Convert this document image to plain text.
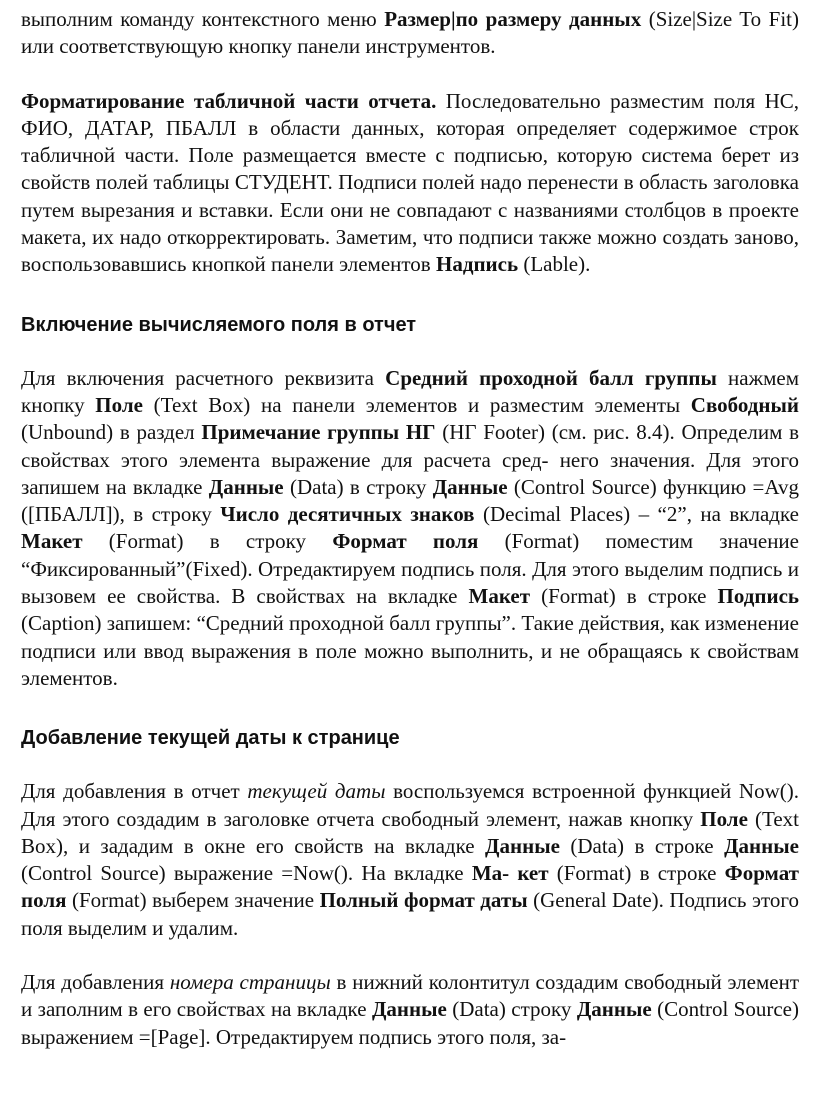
выполним команду контекстного меню Размер|по размеру данных (Size|Size To Fit) или соответствующую кнопку панели инструментов.

Форматирование табличной части отчета. Последовательно разместим поля НС, ФИО, ДАТАР, ПБАЛЛ в области данных, которая определяет содержимое строк табличной части. Поле размещается вместе с подписью, которую система берет из свойств полей таблицы СТУДЕНТ. Подписи полей надо перенести в область заголовка путем вырезания и вставки. Если они не совпадают с названиями столбцов в проекте макета, их надо откорректировать. Заметим, что подписи также можно создать заново, воспользовавшись кнопкой панели элементов Надпись (Lable).

Включение вычисляемого поля в отчет

Для включения расчетного реквизита Средний проходной балл группы нажмем кнопку Поле (Text Box) на панели элементов и разместим элементы Свободный (Unbound) в раздел Примечание группы НГ (НГ Footer) (см. рис. 8.4). Определим в свойствах этого элемента выражение для расчета сред- него значения. Для этого запишем на вкладке Данные (Data) в строку Данные (Control Source) функцию =Avg ([ПБАЛЛ]), в строку Число десятичных знаков (Decimal Places) – “2”, на вкладке Макет (Format) в строку Формат поля (Format) поместим значение “Фиксированный”(Fixed). Отредактируем подпись поля. Для этого выделим подпись и вызовем ее свойства. В свойствах на вкладке Макет (Format) в строке Подпись (Caption) запишем: “Средний проходной балл группы”. Такие действия, как изменение подписи или ввод выражения в поле можно выполнить, и не обращаясь к свойствам элементов.

Добавление текущей даты к странице

Для добавления в отчет текущей даты воспользуемся встроенной функцией Now(). Для этого создадим в заголовке отчета свободный элемент, нажав кнопку Поле (Text Box), и зададим в окне его свойств на вкладке Данные (Data) в строке Данные (Control Source) выражение =Now(). На вкладке Ма- кет (Format) в строке Формат поля (Format) выберем значение Полный формат даты (General Date). Подпись этого поля выделим и удалим.

Для добавления номера страницы в нижний колонтитул создадим свободный элемент и заполним в его свойствах на вкладке Данные (Data) строку Данные (Control Source) выражением =[Page]. Отредактируем подпись этого поля, за-
